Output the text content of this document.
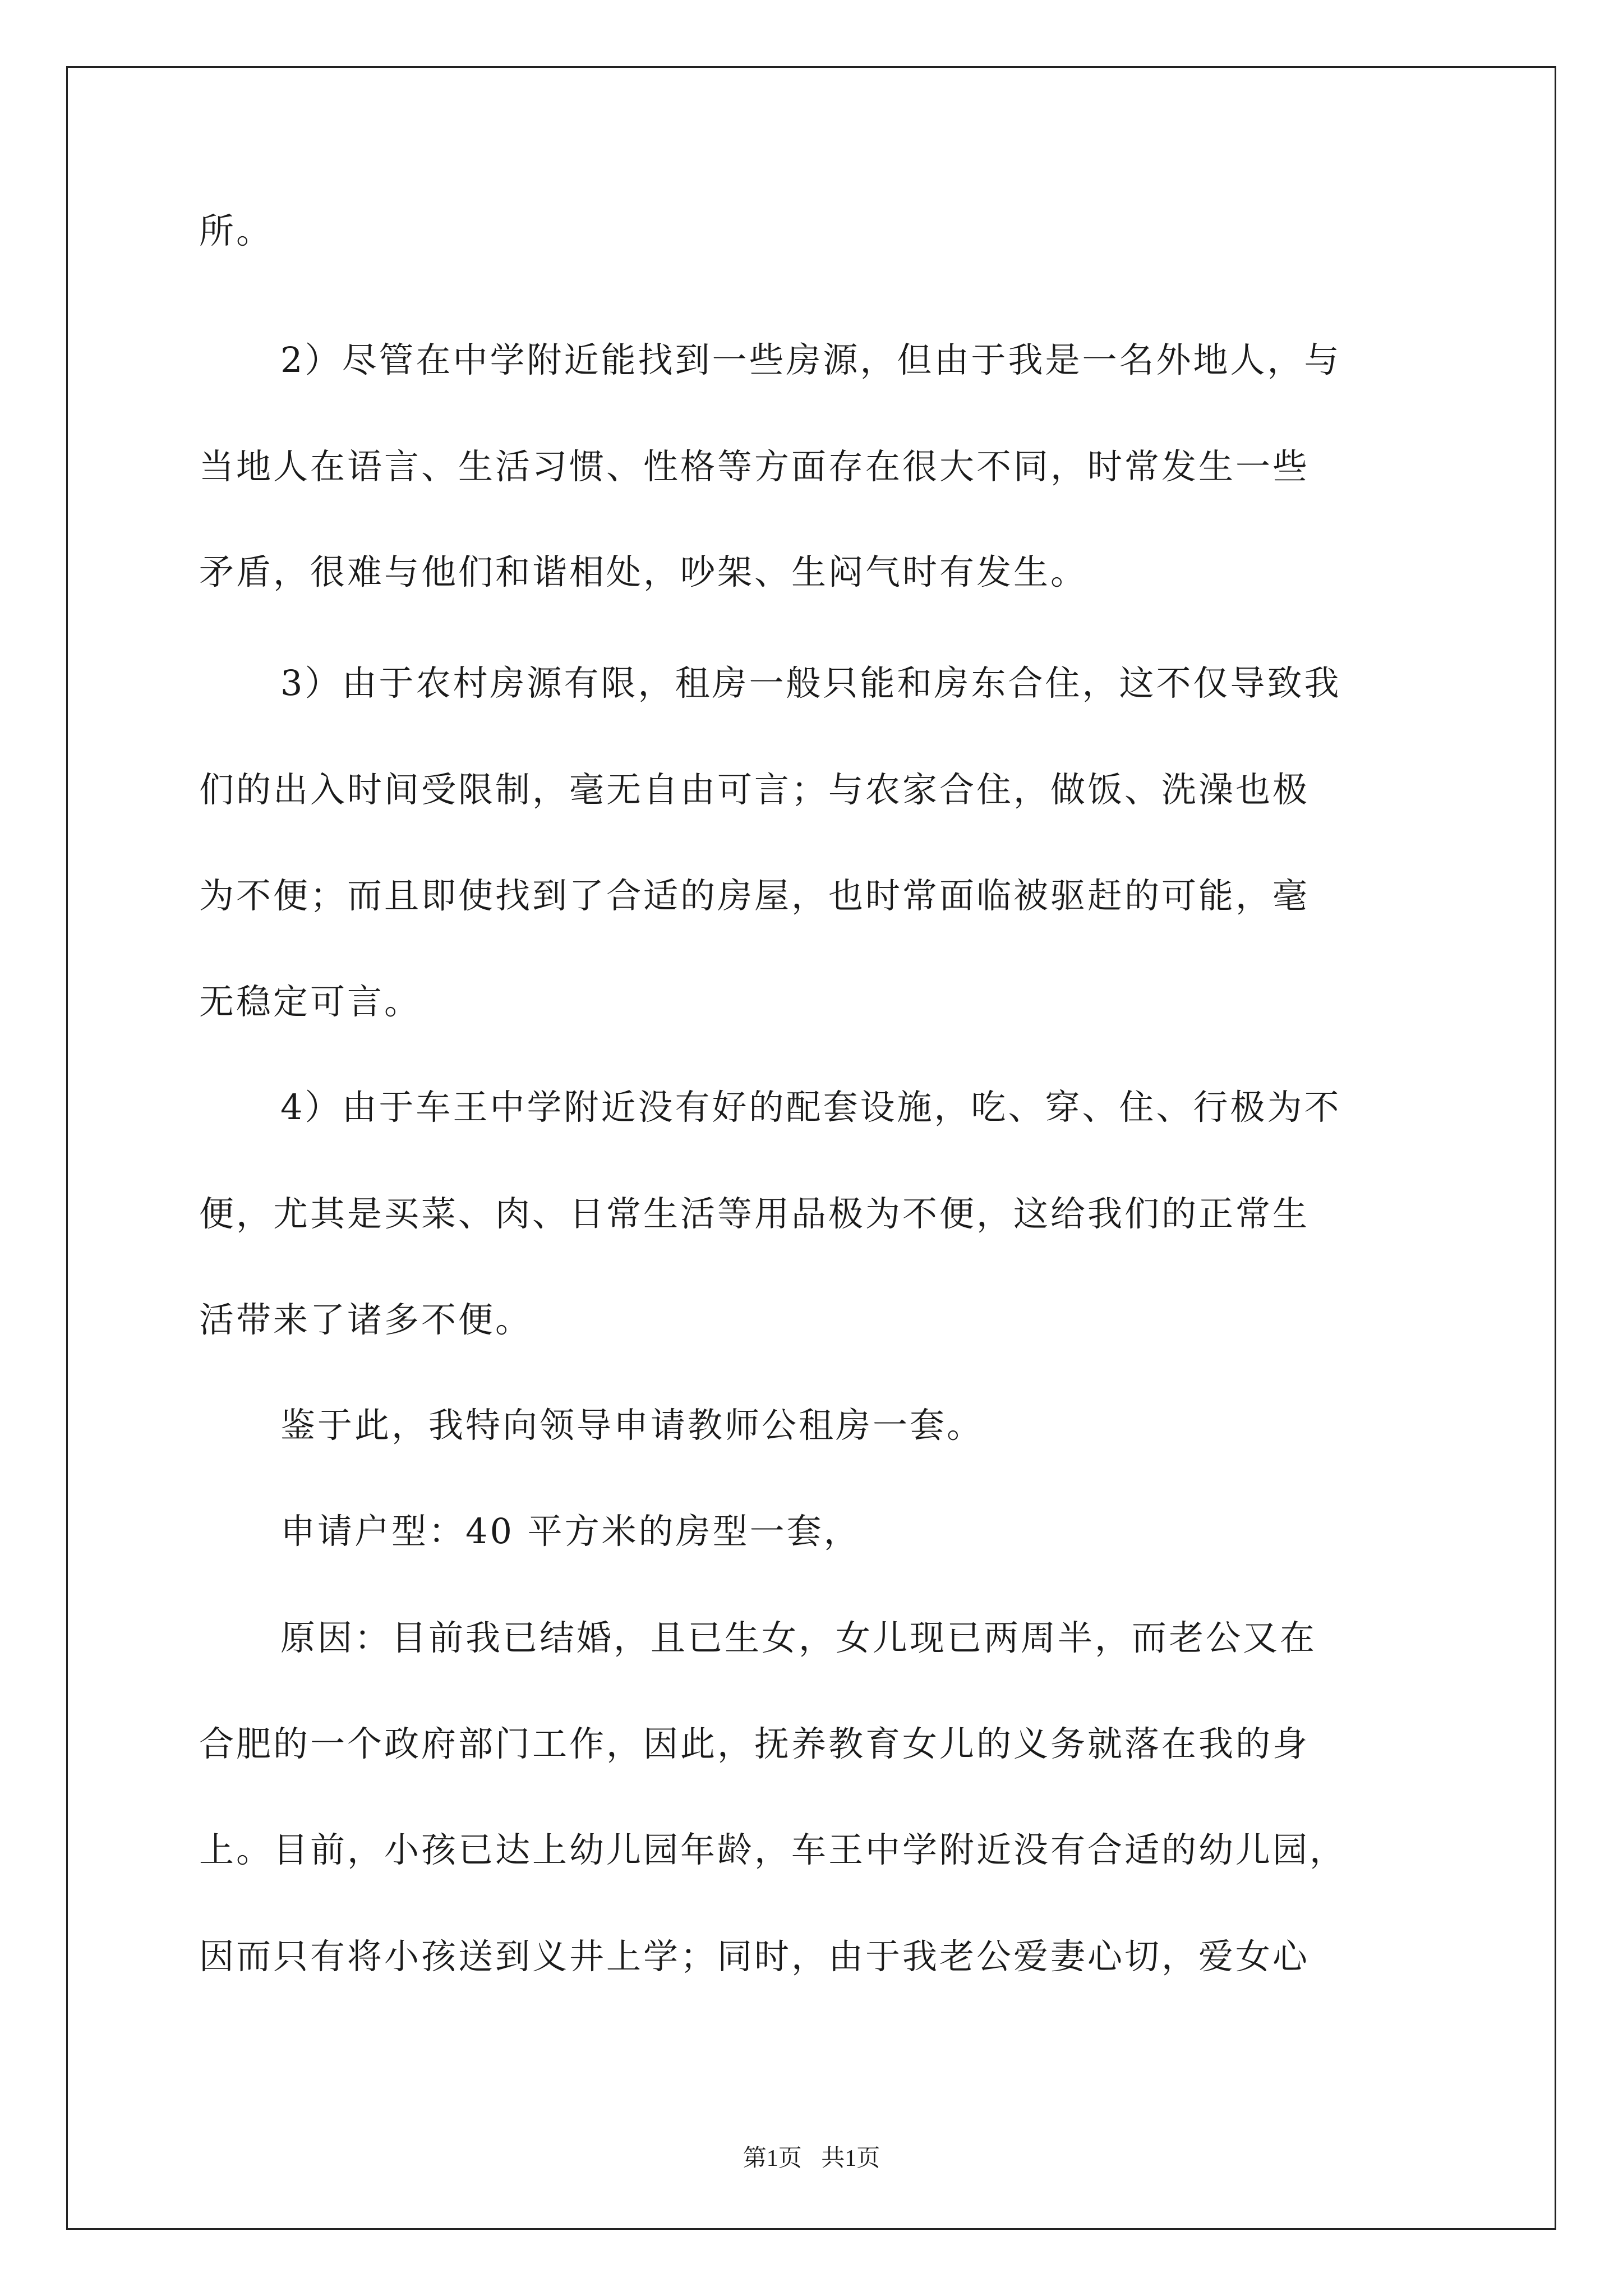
所。
2）尽管在中学附近能找到一些房源，但由于我是一名外地人，与
当地人在语言、生活习惯、性格等方面存在很大不同，时常发生一些
矛盾，很难与他们和谐相处，吵架、生闷气时有发生。
3）由于农村房源有限，租房一般只能和房东合住，这不仅导致我
们的出入时间受限制，毫无自由可言；与农家合住，做饭、洗澡也极
为不便；而且即使找到了合适的房屋，也时常面临被驱赶的可能，毫
无稳定可言。
4）由于车王中学附近没有好的配套设施，吃、穿、住、行极为不
便，尤其是买菜、肉、日常生活等用品极为不便，这给我们的正常生
活带来了诸多不便。
鉴于此，我特向领导申请教师公租房一套。
申请户型：40 平方米的房型一套，
原因：目前我已结婚，且已生女，女儿现已两周半，而老公又在
合肥的一个政府部门工作，因此，抚养教育女儿的义务就落在我的身
上。目前，小孩已达上幼儿园年龄，车王中学附近没有合适的幼儿园，
因而只有将小孩送到义井上学；同时，由于我老公爱妻心切，爱女心
第1页 共1页
